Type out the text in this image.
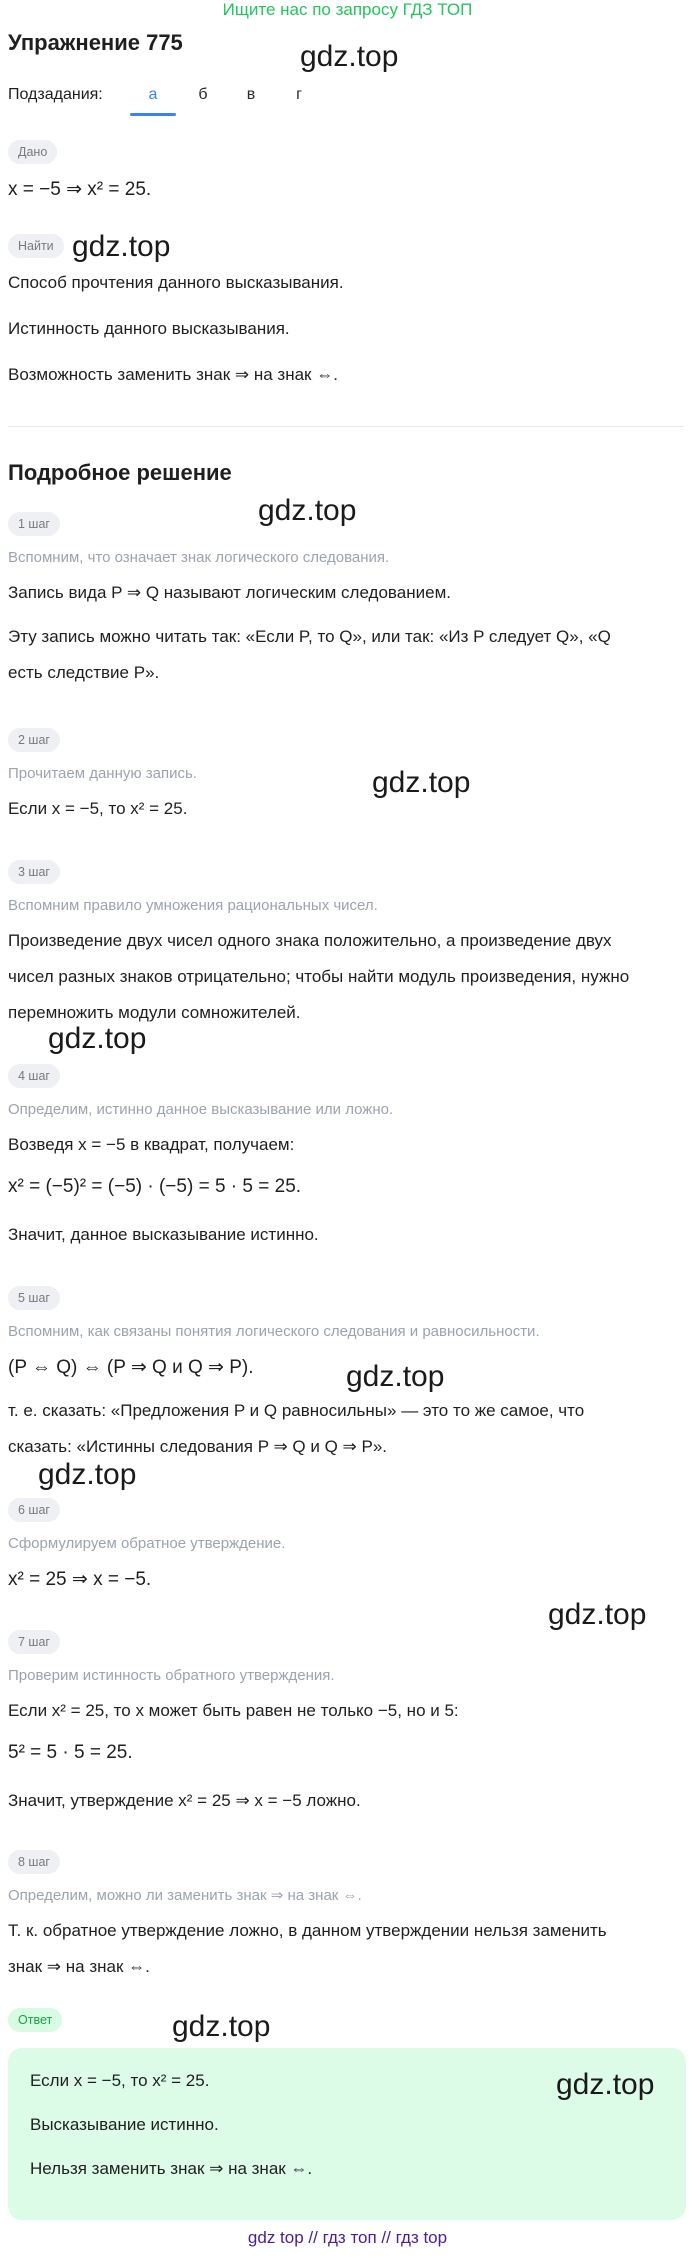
Ищите нас по запросу ГДЗ ТОП
Упражнение 775
Подзадания:	а	б	в	г
Дано
x = −5 ⇒ x² = 25.
Найти
Способ прочтения данного высказывания.
Истинность данного высказывания.
Возможность заменить знак ⇒ на знак ⇔.
Подробное решение
1 шаг
Вспомним, что означает знак логического следования.
Запись вида P ⇒ Q называют логическим следованием.
Эту запись можно читать так: «Если P, то Q», или так: «Из P следует Q», «Q
есть следствие P».
2 шаг
Прочитаем данную запись.
Если x = −5, то x² = 25.
3 шаг
Вспомним правило умножения рациональных чисел.
Произведение двух чисел одного знака положительно, а произведение двух
чисел разных знаков отрицательно; чтобы найти модуль произведения, нужно
перемножить модули сомножителей.
4 шаг
Определим, истинно данное высказывание или ложно.
Возведя x = −5 в квадрат, получаем:
x² = (−5)² = (−5) · (−5) = 5 · 5 = 25.
Значит, данное высказывание истинно.
5 шаг
Вспомним, как связаны понятия логического следования и равносильности.
(P ⇔ Q) ⇔ (P ⇒ Q и Q ⇒ P).
т. е. сказать: «Предложения P и Q равносильны» — это то же самое, что
сказать: «Истинны следования P ⇒ Q и Q ⇒ P».
6 шаг
Сформулируем обратное утверждение.
x² = 25 ⇒ x = −5.
7 шаг
Проверим истинность обратного утверждения.
Если x² = 25, то x может быть равен не только −5, но и 5:
5² = 5 · 5 = 25.
Значит, утверждение x² = 25 ⇒ x = −5 ложно.
8 шаг
Определим, можно ли заменить знак ⇒ на знак ⇔.
Т. к. обратное утверждение ложно, в данном утверждении нельзя заменить
знак ⇒ на знак ⇔.
Ответ
Если x = −5, то x² = 25.
Высказывание истинно.
Нельзя заменить знак ⇒ на знак ⇔.
gdz.top
gdz.top
gdz.top
gdz.top
gdz.top
gdz.top
gdz.top
gdz.top
gdz.top
gdz.top
gdz top // гдз топ // гдз top
